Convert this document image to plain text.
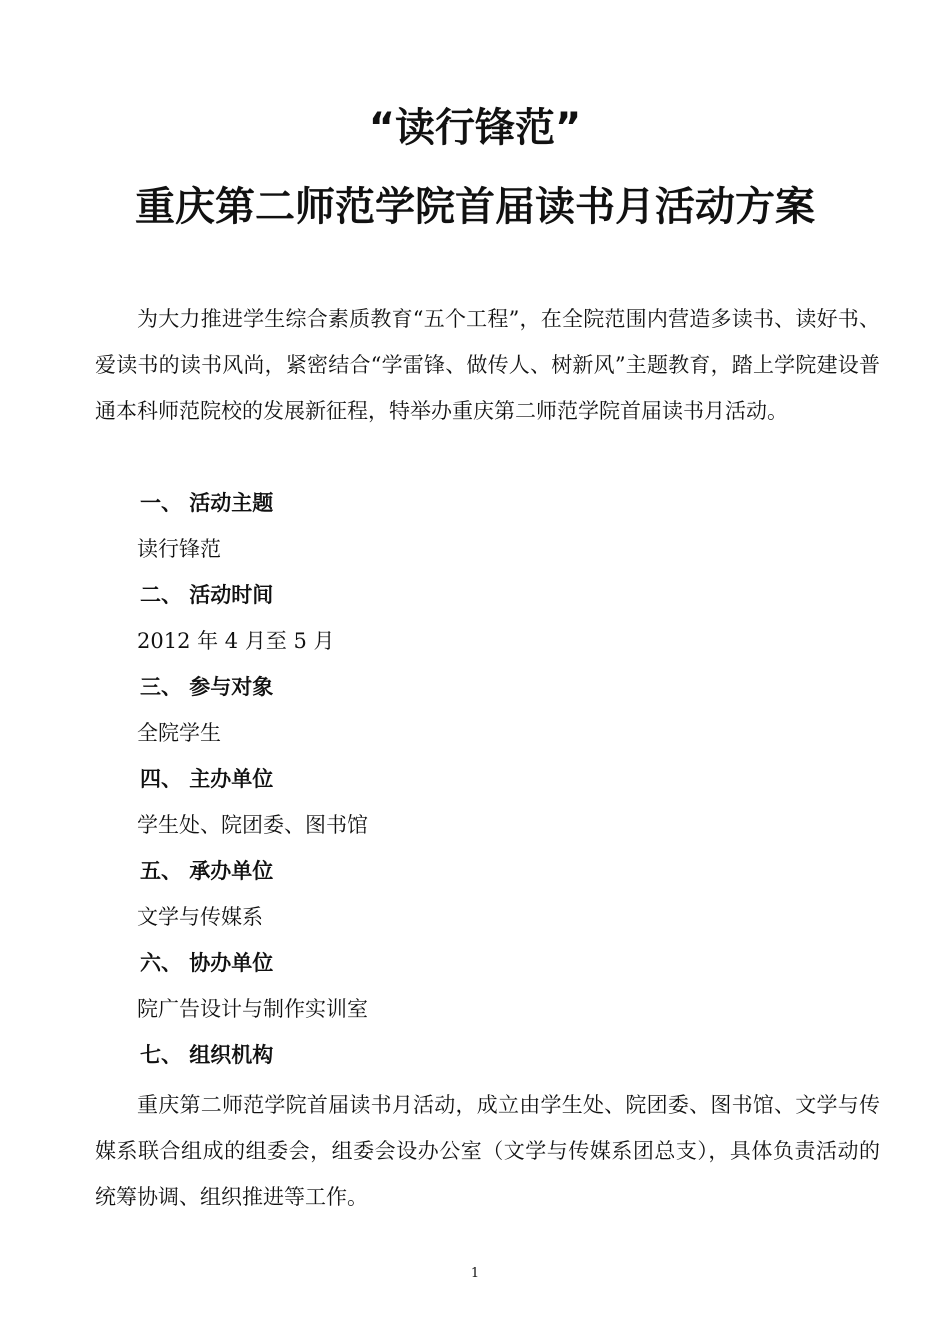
“读行锋范”
重庆第二师范学院首届读书月活动方案

为大力推进学生综合素质教育“五个工程”，在全院范围内营造多读书、读好书、爱读书的读书风尚，紧密结合“学雷锋、做传人、树新风”主题教育，踏上学院建设普通本科师范院校的发展新征程，特举办重庆第二师范学院首届读书月活动。

一、 活动主题

读行锋范

二、 活动时间

2012 年 4 月至 5 月

三、 参与对象

全院学生

四、 主办单位

学生处、院团委、图书馆

五、 承办单位

文学与传媒系

六、 协办单位

院广告设计与制作实训室

七、 组织机构

重庆第二师范学院首届读书月活动，成立由学生处、院团委、图书馆、文学与传媒系联合组成的组委会，组委会设办公室（文学与传媒系团总支），具体负责活动的统筹协调、组织推进等工作。

1
